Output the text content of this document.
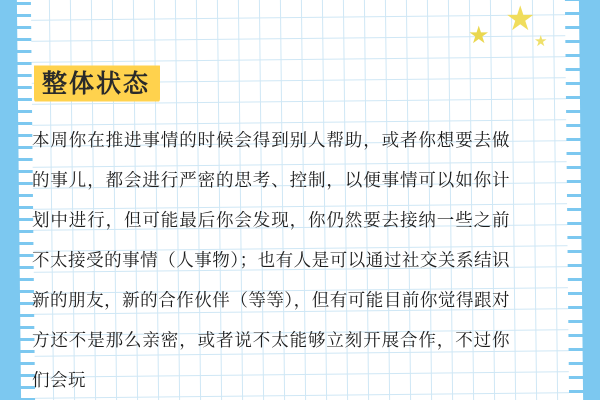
★
★	★
整体状态
本周你在推进事情的时候会得到别人帮助，或者你想要去做的事儿，都会进行严密的思考、控制，以便事情可以如你计划中进行，但可能最后你会发现，你仍然要去接纳一些之前不太接受的事情（人事物）；也有人是可以通过社交关系结识新的朋友，新的合作伙伴（等等），但有可能目前你觉得跟对方还不是那么亲密，或者说不太能够立刻开展合作，不过你们会玩
